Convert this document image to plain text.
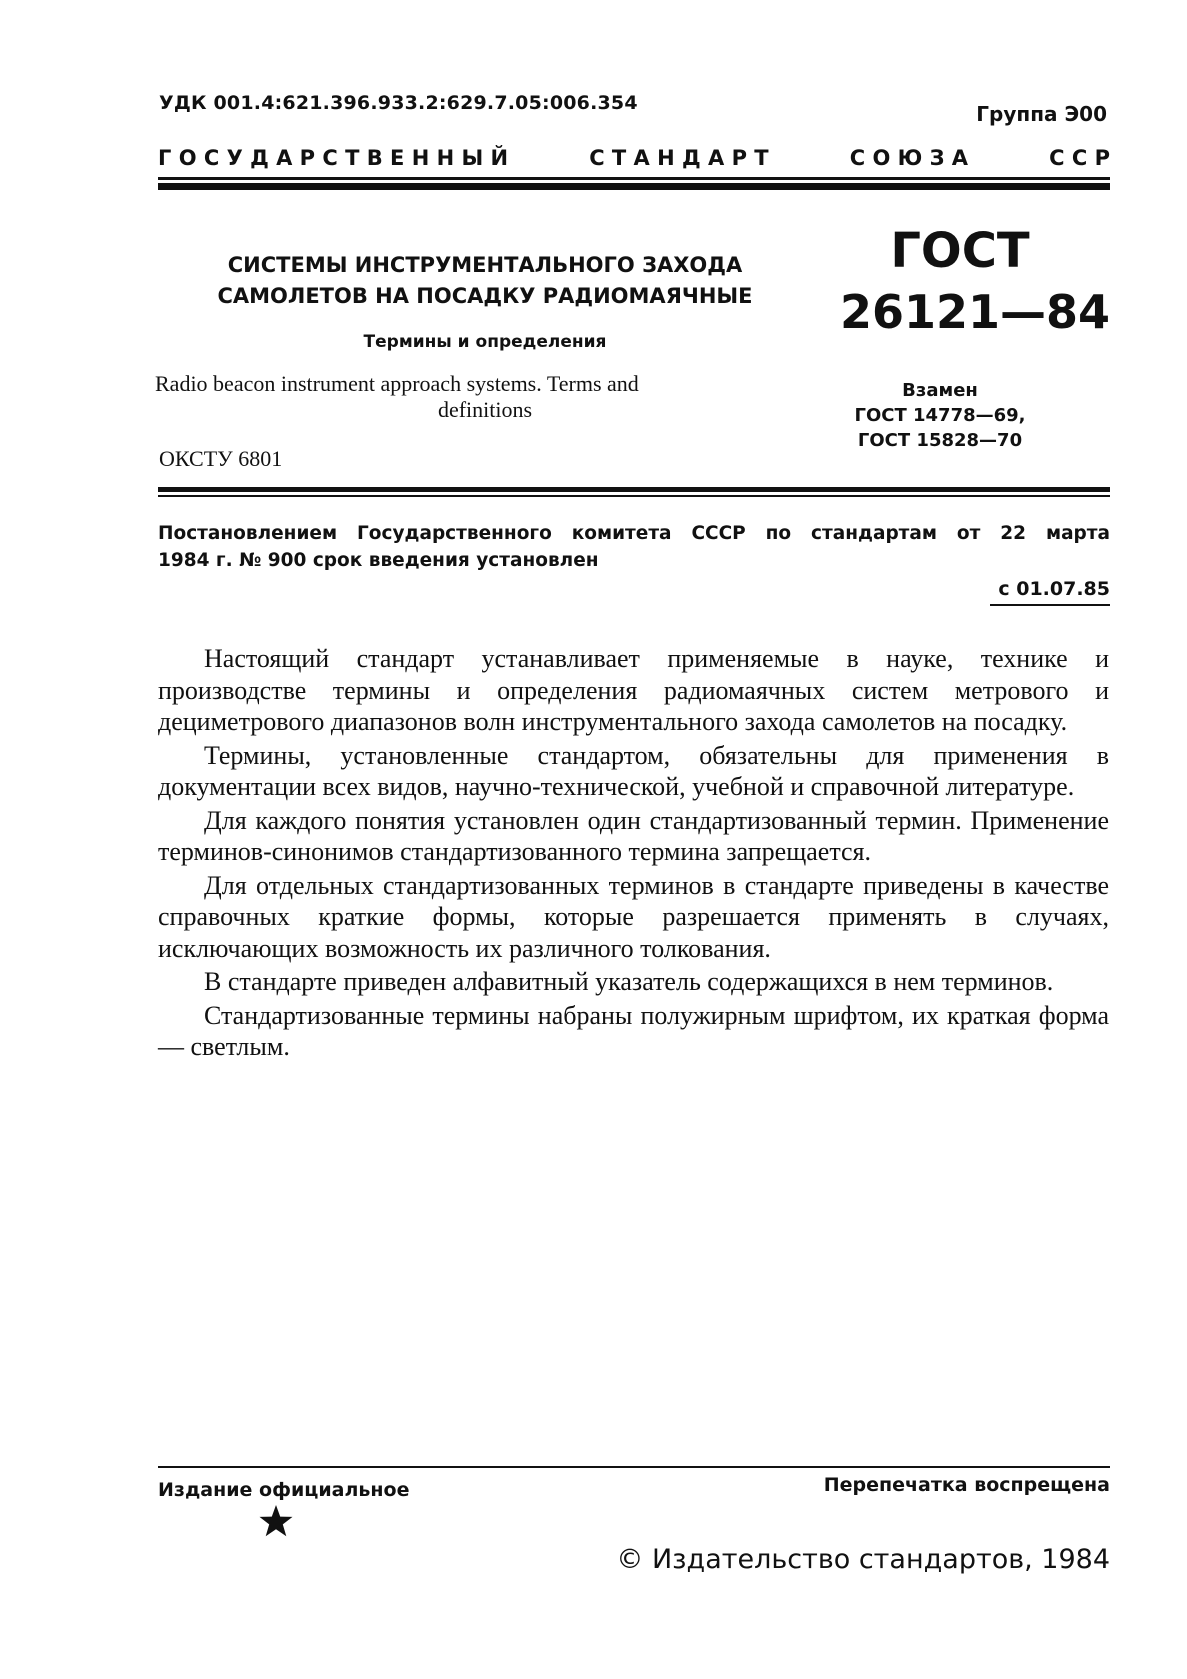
УДК 001.4:621.396.933.2:629.7.05:006.354	Группа Э00
Г О С У Д А Р С Т В Е Н Н Ы Й	С Т А Н Д А Р Т	С О Ю З А	С С Р
СИСТЕМЫ ИНСТРУМЕНТАЛЬНОГО ЗАХОДА
САМОЛЕТОВ НА ПОСАДКУ РАДИОМАЯЧНЫЕ
Термины и определения
Radio beacon instrument approach systems. Terms and
definitions
ОКСТУ 6801
ГОСТ
26121—84
Взамен
ГОСТ 14778—69,
ГОСТ 15828—70
Постановлением Государственного комитета СССР по стандартам от 22 марта
1984 г. № 900 срок введения установлен
с 01.07.85

Настоящий стандарт устанавливает применяемые в науке, технике и производстве термины и определения радиомаячных систем метрового и дециметрового диапазонов волн инструментального захода самолетов на посадку.

Термины, установленные стандартом, обязательны для применения в документации всех видов, научно-технической, учебной и справочной литературе.

Для каждого понятия установлен один стандартизованный термин. Применение терминов-синонимов стандартизованного термина запрещается.

Для отдельных стандартизованных терминов в стандарте приведены в качестве справочных краткие формы, которые разрешается применять в случаях, исключающих возможность их различного толкования.

В стандарте приведен алфавитный указатель содержащихся в нем терминов.

Стандартизованные термины набраны полужирным шрифтом, их краткая форма — светлым.

Издание официальное	Перепечатка воспрещена
© Издательство стандартов, 1984
